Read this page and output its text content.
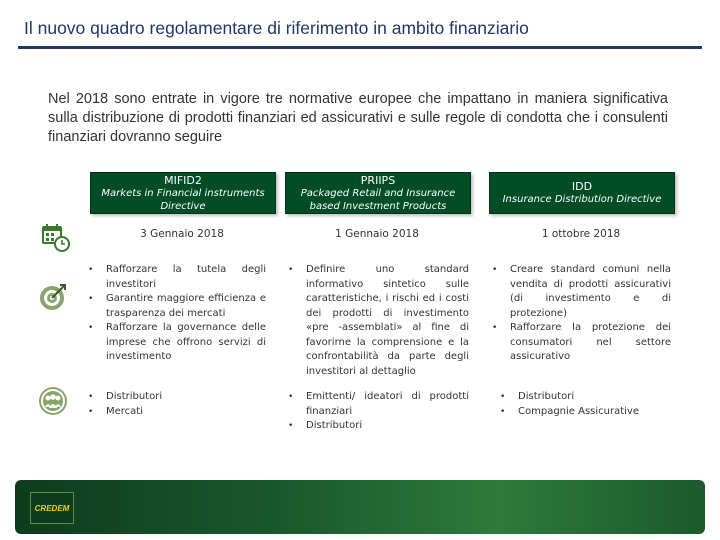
Il nuovo quadro regolamentare di riferimento in ambito finanziario
Nel 2018 sono entrate in vigore tre normative europee che impattano in maniera significativa sulla distribuzione di prodotti finanziari ed assicurativi e sulle regole di condotta che i consulenti finanziari dovranno seguire
MIFID2
Markets in Financial instruments Directive
PRIIPS
Packaged Retail and Insurance based Investment Products
IDD
Insurance Distribution Directive
3 Gennaio 2018	1 Gennaio 2018	1 ottobre 2018
• Rafforzare la tutela degli investitori
• Garantire maggiore efficienza e trasparenza dei mercati
• Rafforzare la governance delle imprese che offrono servizi di investimento
• Definire uno standard informativo sintetico sulle caratteristiche, i rischi ed i costi dei prodotti di investimento «pre -assemblati» al fine di favorirne la comprensione e la confrontabilità da parte degli investitori al dettaglio
• Creare standard comuni nella vendita di prodotti assicurativi (di investimento e di protezione)
• Rafforzare la protezione dei consumatori nel settore assicurativo
• Distributori
• Mercati
• Emittenti/ ideatori di prodotti finanziari
• Distributori
• Distributori
• Compagnie Assicurative
CREDEM
